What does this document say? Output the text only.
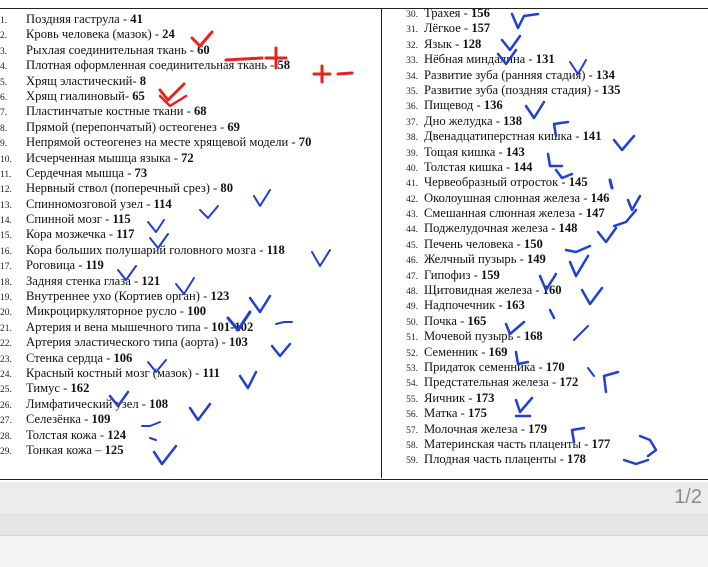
1. Поздняя гаструла - 41
2. Кровь человека (мазок) - 24
3. Рыхлая соединительная ткань - 60
4. Плотная оформленная соединительная ткань - 58
5. Хрящ эластический- 8
6. Хрящ гиалиновый- 65
7. Пластинчатые костные ткани - 68
8. Прямой (перепончатый) остеогенез - 69
9. Непрямой остеогенез на месте хрящевой модели - 70
10. Исчерченная мышца языка - 72
11. Сердечная мышца - 73
12. Нервный ствол (поперечный срез) - 80
13. Спинномозговой узел - 114
14. Спинной мозг - 115
15. Кора мозжечка - 117
16. Кора больших полушарий головного мозга - 118
17. Роговица - 119
18. Задняя стенка глаза - 121
19. Внутреннее ухо (Кортиев орган) - 123
20. Микроциркуляторное русло - 100
21. Артерия и вена мышечного типа - 101-102
22. Артерия эластического типа (аорта) - 103
23. Стенка сердца - 106
24. Красный костный мозг (мазок) - 111
25. Тимус - 162
26. Лимфатический узел - 108
27. Селезёнка - 109
28. Толстая кожа - 124
29. Тонкая кожа – 125
30. Трахея - 156
31. Лёгкое - 157
32. Язык - 128
33. Нёбная миндалина - 131
34. Развитие зуба (ранняя стадия) - 134
35. Развитие зуба (поздняя стадия) - 135
36. Пищевод - 136
37. Дно желудка - 138
38. Двенадцатиперстная кишка - 141
39. Тощая кишка - 143
40. Толстая кишка - 144
41. Червеобразный отросток - 145
42. Околоушная слюнная железа - 146
43. Смешанная слюнная железа - 147
44. Поджелудочная железа - 148
45. Печень человека - 150
46. Желчный пузырь - 149
47. Гипофиз - 159
48. Щитовидная железа - 160
49. Надпочечник - 163
50. Почка - 165
51. Мочевой пузырь - 168
52. Семенник - 169
53. Придаток семенника - 170
54. Предстательная железа - 172
55. Яичник - 173
56. Матка - 175
57. Молочная железа - 179
58. Материнская часть плаценты - 177
59. Плодная часть плаценты - 178
1/2
